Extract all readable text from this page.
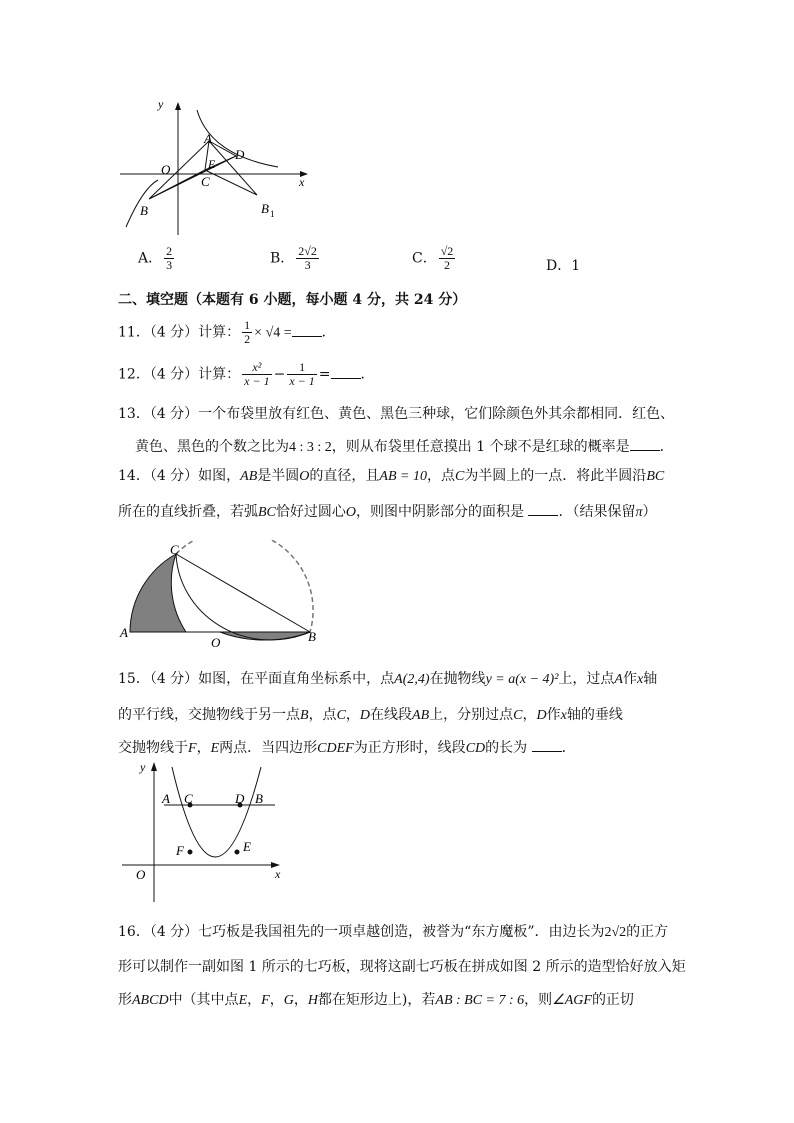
y
x
O
A
D
E
C
B	B 1
A． $\frac{2}{3}$	B． $\frac{2√2}{3}$	C． $\frac{√2}{2}$	D．1
二、填空题（本题有 6 小题，每小题 4 分，共 24 分）
11．（4 分）计算： $\frac{1}{2} \times √4$ = ．
12．（4 分）计算： $\frac{\text{x²}}{x - 1} - \frac{1}{x - 1}$ = ．
13．（4 分）一个布袋里放有红色、黄色、黑色三种球，它们除颜色外其余都相同．红色、
黄色、黑色的个数之比为4 : 3 : 2，则从布袋里任意摸出 1 个球不是红球的概率是 ．
14．（4 分）如图，AB是半圆O的直径，且AB = 10，点C为半圆上的一点．将此半圆沿BC
所在的直线折叠，若弧BC恰好过圆心O，则图中阴影部分的面积是 ．（结果保留π）
C
A
O	B
15．（4 分）如图，在平面直角坐标系中，点A(2,4)在抛物线y = a(x − 4)²上，过点A作x轴
的平行线，交抛物线于另一点B，点C，D在线段AB上，分别过点C，D作x轴的垂线
交抛物线于F，E两点．当四边形CDEF为正方形时，线段CD的长为 ．
y
A C	D B
F	E
O	x
16．（4 分）七巧板是我国祖先的一项卓越创造，被誉为“东方魔板”．由边长为2√2的正方
形可以制作一副如图 1 所示的七巧板，现将这副七巧板在拼成如图 2 所示的造型恰好放入矩
形ABCD中（其中点E，F，G，H都在矩形边上)，若AB : BC = 7 : 6，则∠AGF的正切
